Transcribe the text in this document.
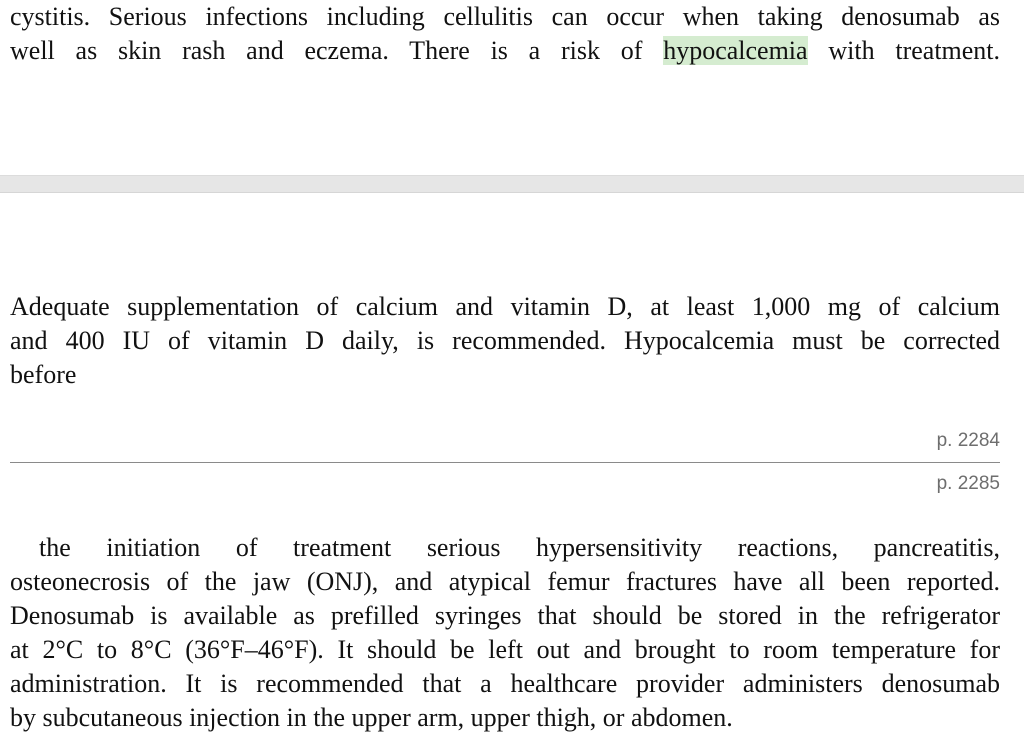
cystitis. Serious infections including cellulitis can occur when taking denosumab as
well as skin rash and eczema. There is a risk of hypocalcemia with treatment.
Adequate supplementation of calcium and vitamin D, at least 1,000 mg of calcium
and 400 IU of vitamin D daily, is recommended. Hypocalcemia must be corrected
before
p. 2284
p. 2285
the initiation of treatment serious hypersensitivity reactions, pancreatitis,
osteonecrosis of the jaw (ONJ), and atypical femur fractures have all been reported.
Denosumab is available as prefilled syringes that should be stored in the refrigerator
at 2°C to 8°C (36°F–46°F). It should be left out and brought to room temperature for
administration. It is recommended that a healthcare provider administers denosumab
by subcutaneous injection in the upper arm, upper thigh, or abdomen.
